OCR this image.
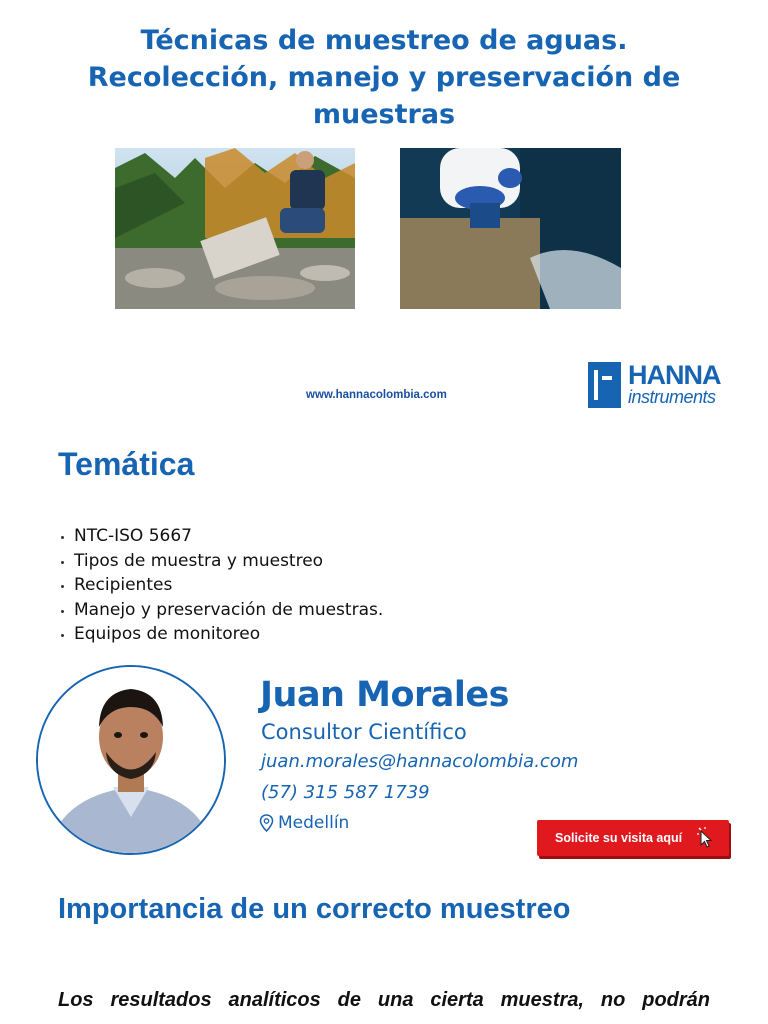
Técnicas de muestreo de aguas.
Recolección, manejo y preservación de
muestras
www.hannacolombia.com
HANNA
instruments
Temática
NTC-ISO 5667
Tipos de muestra y muestreo
Recipientes
Manejo y preservación de muestras.
Equipos de monitoreo
Juan Morales
Consultor Científico
juan.morales@hannacolombia.com
(57) 315 587 1739
Medellín
Solicite su visita aquí
Importancia de un correcto muestreo
Los resultados analíticos de una cierta muestra, no podrán
